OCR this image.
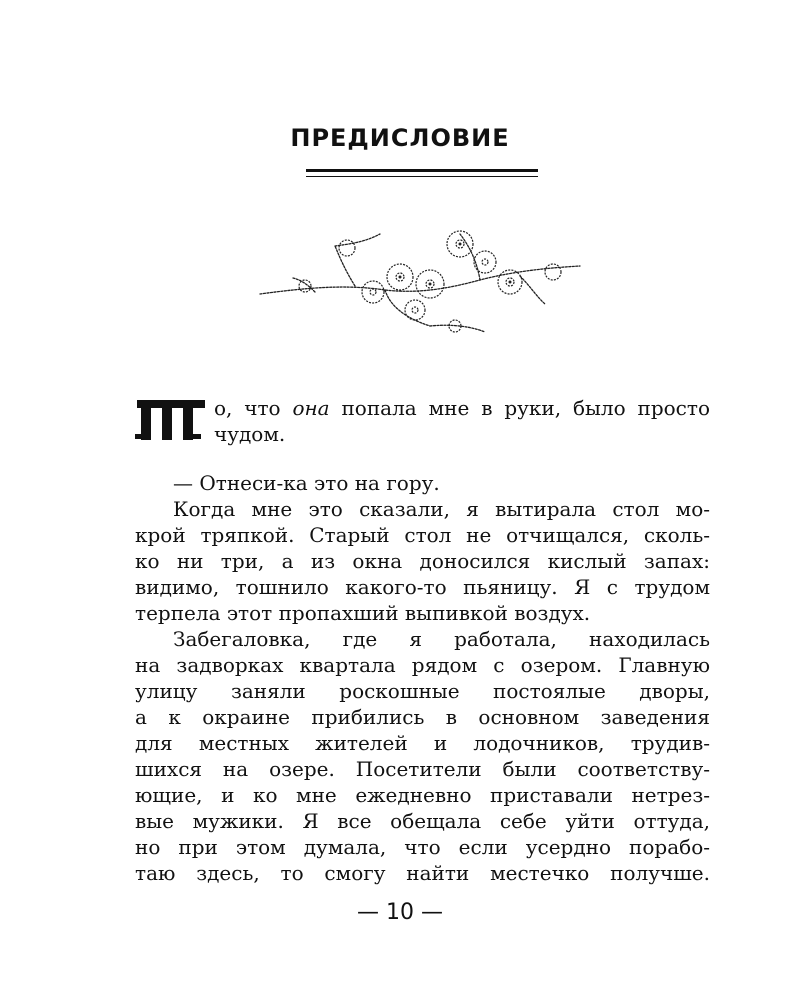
ПРЕДИСЛОВИЕ
о, что она попала мне в руки, было просто
чудом.
— Отнеси-ка это на гору.
Когда мне это сказали, я вытирала стол мо-
крой тряпкой. Старый стол не отчищался, сколь-
ко ни три, а из окна доносился кислый запах:
видимо, тошнило какого-то пьяницу. Я с трудом
терпела этот пропахший выпивкой воздух.
Забегаловка, где я работала, находилась
на задворках квартала рядом с озером. Главную
улицу заняли роскошные постоялые дворы,
а к окраине прибились в основном заведения
для местных жителей и лодочников, трудив-
шихся на озере. Посетители были соответству-
ющие, и ко мне ежедневно приставали нетрез-
вые мужики. Я все обещала себе уйти оттуда,
но при этом думала, что если усердно порабо-
таю здесь, то смогу найти местечко получше.
— 10 —
